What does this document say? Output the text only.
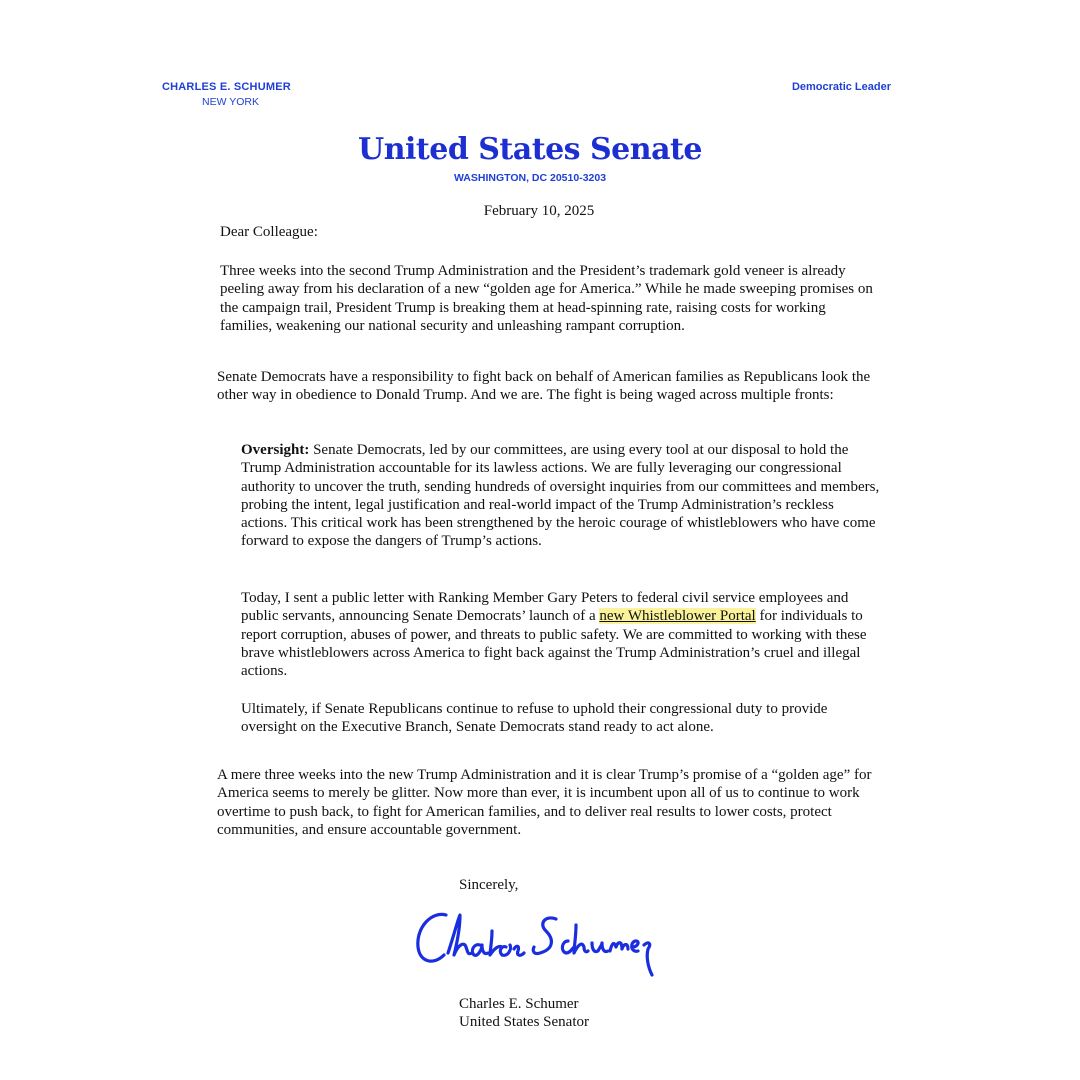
CHARLES E. SCHUMER
NEW YORK
Democratic Leader
United States Senate
WASHINGTON, DC 20510-3203
February 10, 2025
Dear Colleague:

Three weeks into the second Trump Administration and the President’s trademark gold veneer is already peeling away from his declaration of a new “golden age for America.” While he made sweeping promises on the campaign trail, President Trump is breaking them at head-spinning rate, raising costs for working families, weakening our national security and unleashing rampant corruption.

Senate Democrats have a responsibility to fight back on behalf of American families as Republicans look the other way in obedience to Donald Trump. And we are. The fight is being waged across multiple fronts:

Oversight: Senate Democrats, led by our committees, are using every tool at our disposal to hold the Trump Administration accountable for its lawless actions. We are fully leveraging our congressional authority to uncover the truth, sending hundreds of oversight inquiries from our committees and members, probing the intent, legal justification and real-world impact of the Trump Administration’s reckless actions. This critical work has been strengthened by the heroic courage of whistleblowers who have come forward to expose the dangers of Trump’s actions.

Today, I sent a public letter with Ranking Member Gary Peters to federal civil service employees and public servants, announcing Senate Democrats’ launch of a new Whistleblower Portal for individuals to report corruption, abuses of power, and threats to public safety. We are committed to working with these brave whistleblowers across America to fight back against the Trump Administration’s cruel and illegal actions.

Ultimately, if Senate Republicans continue to refuse to uphold their congressional duty to provide oversight on the Executive Branch, Senate Democrats stand ready to act alone.

A mere three weeks into the new Trump Administration and it is clear Trump’s promise of a “golden age” for America seems to merely be glitter. Now more than ever, it is incumbent upon all of us to continue to work overtime to push back, to fight for American families, and to deliver real results to lower costs, protect communities, and ensure accountable government.

Sincerely,
Charles E. Schumer
United States Senator
